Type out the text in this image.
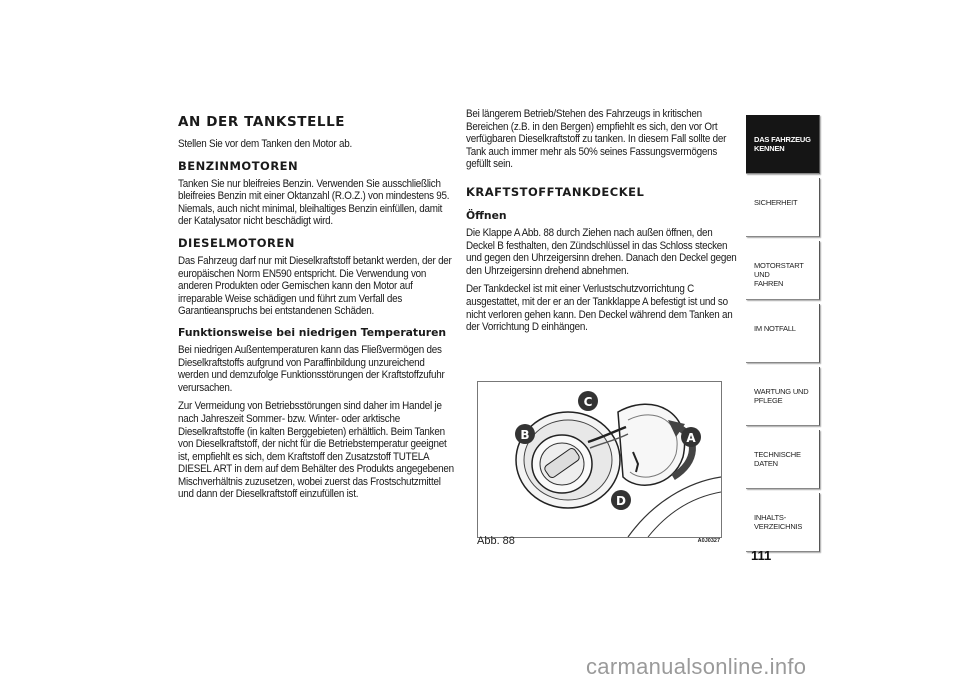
AN DER TANKSTELLE

Stellen Sie vor dem Tanken den Motor ab.

BENZINMOTOREN

Tanken Sie nur bleifreies Benzin. Verwenden Sie ausschließlich bleifreies Benzin mit einer Oktanzahl (R.O.Z.) von mindestens 95. Niemals, auch nicht minimal, bleihaltiges Benzin einfüllen, damit der Katalysator nicht beschädigt wird.

DIESELMOTOREN

Das Fahrzeug darf nur mit Dieselkraftstoff betankt werden, der der europäischen Norm EN590 entspricht. Die Verwendung von anderen Produkten oder Gemischen kann den Motor auf irreparable Weise schädigen und führt zum Verfall des Garantieanspruchs bei entstandenen Schäden.

Funktionsweise bei niedrigen Temperaturen

Bei niedrigen Außentemperaturen kann das Fließvermögen des Dieselkraftstoffs aufgrund von Paraffinbildung unzureichend werden und demzufolge Funktionsstörungen der Kraftstoffzufuhr verursachen.

Zur Vermeidung von Betriebsstörungen sind daher im Handel je nach Jahreszeit Sommer- bzw. Winter- oder arktische Dieselkraftstoffe (in kalten Berggebieten) erhältlich. Beim Tanken von Dieselkraftstoff, der nicht für die Betriebstemperatur geeignet ist, empfiehlt es sich, dem Kraftstoff den Zusatzstoff TUTELA DIESEL ART in dem auf dem Behälter des Produkts angegebenen Mischverhältnis zuzusetzen, wobei zuerst das Frostschutzmittel und dann der Dieselkraftstoff einzufüllen ist.

Bei längerem Betrieb/Stehen des Fahrzeugs in kritischen Bereichen (z.B. in den Bergen) empfiehlt es sich, den vor Ort verfügbaren Dieselkraftstoff zu tanken. In diesem Fall sollte der Tank auch immer mehr als 50% seines Fassungsvermögens gefüllt sein.

KRAFTSTOFFTANKDECKEL
Öffnen

Die Klappe A Abb. 88 durch Ziehen nach außen öffnen, den Deckel B festhalten, den Zündschlüssel in das Schloss stecken und gegen den Uhrzeigersinn drehen. Danach den Deckel gegen den Uhrzeigersinn drehend abnehmen.

Der Tankdeckel ist mit einer Verlustschutzvorrichtung C ausgestattet, mit der er an der Tankklappe A befestigt ist und so nicht verloren gehen kann. Den Deckel während dem Tanken an der Vorrichtung D einhängen.

B
C
A
D
Abb. 88	A0J0327
DAS FAHRZEUG
KENNEN
SICHERHEIT
MOTORSTART UND
FAHREN
IM NOTFALL
WARTUNG UND
PFLEGE
TECHNISCHE DATEN
INHALTS-
VERZEICHNIS
111
carmanualsonline.info
